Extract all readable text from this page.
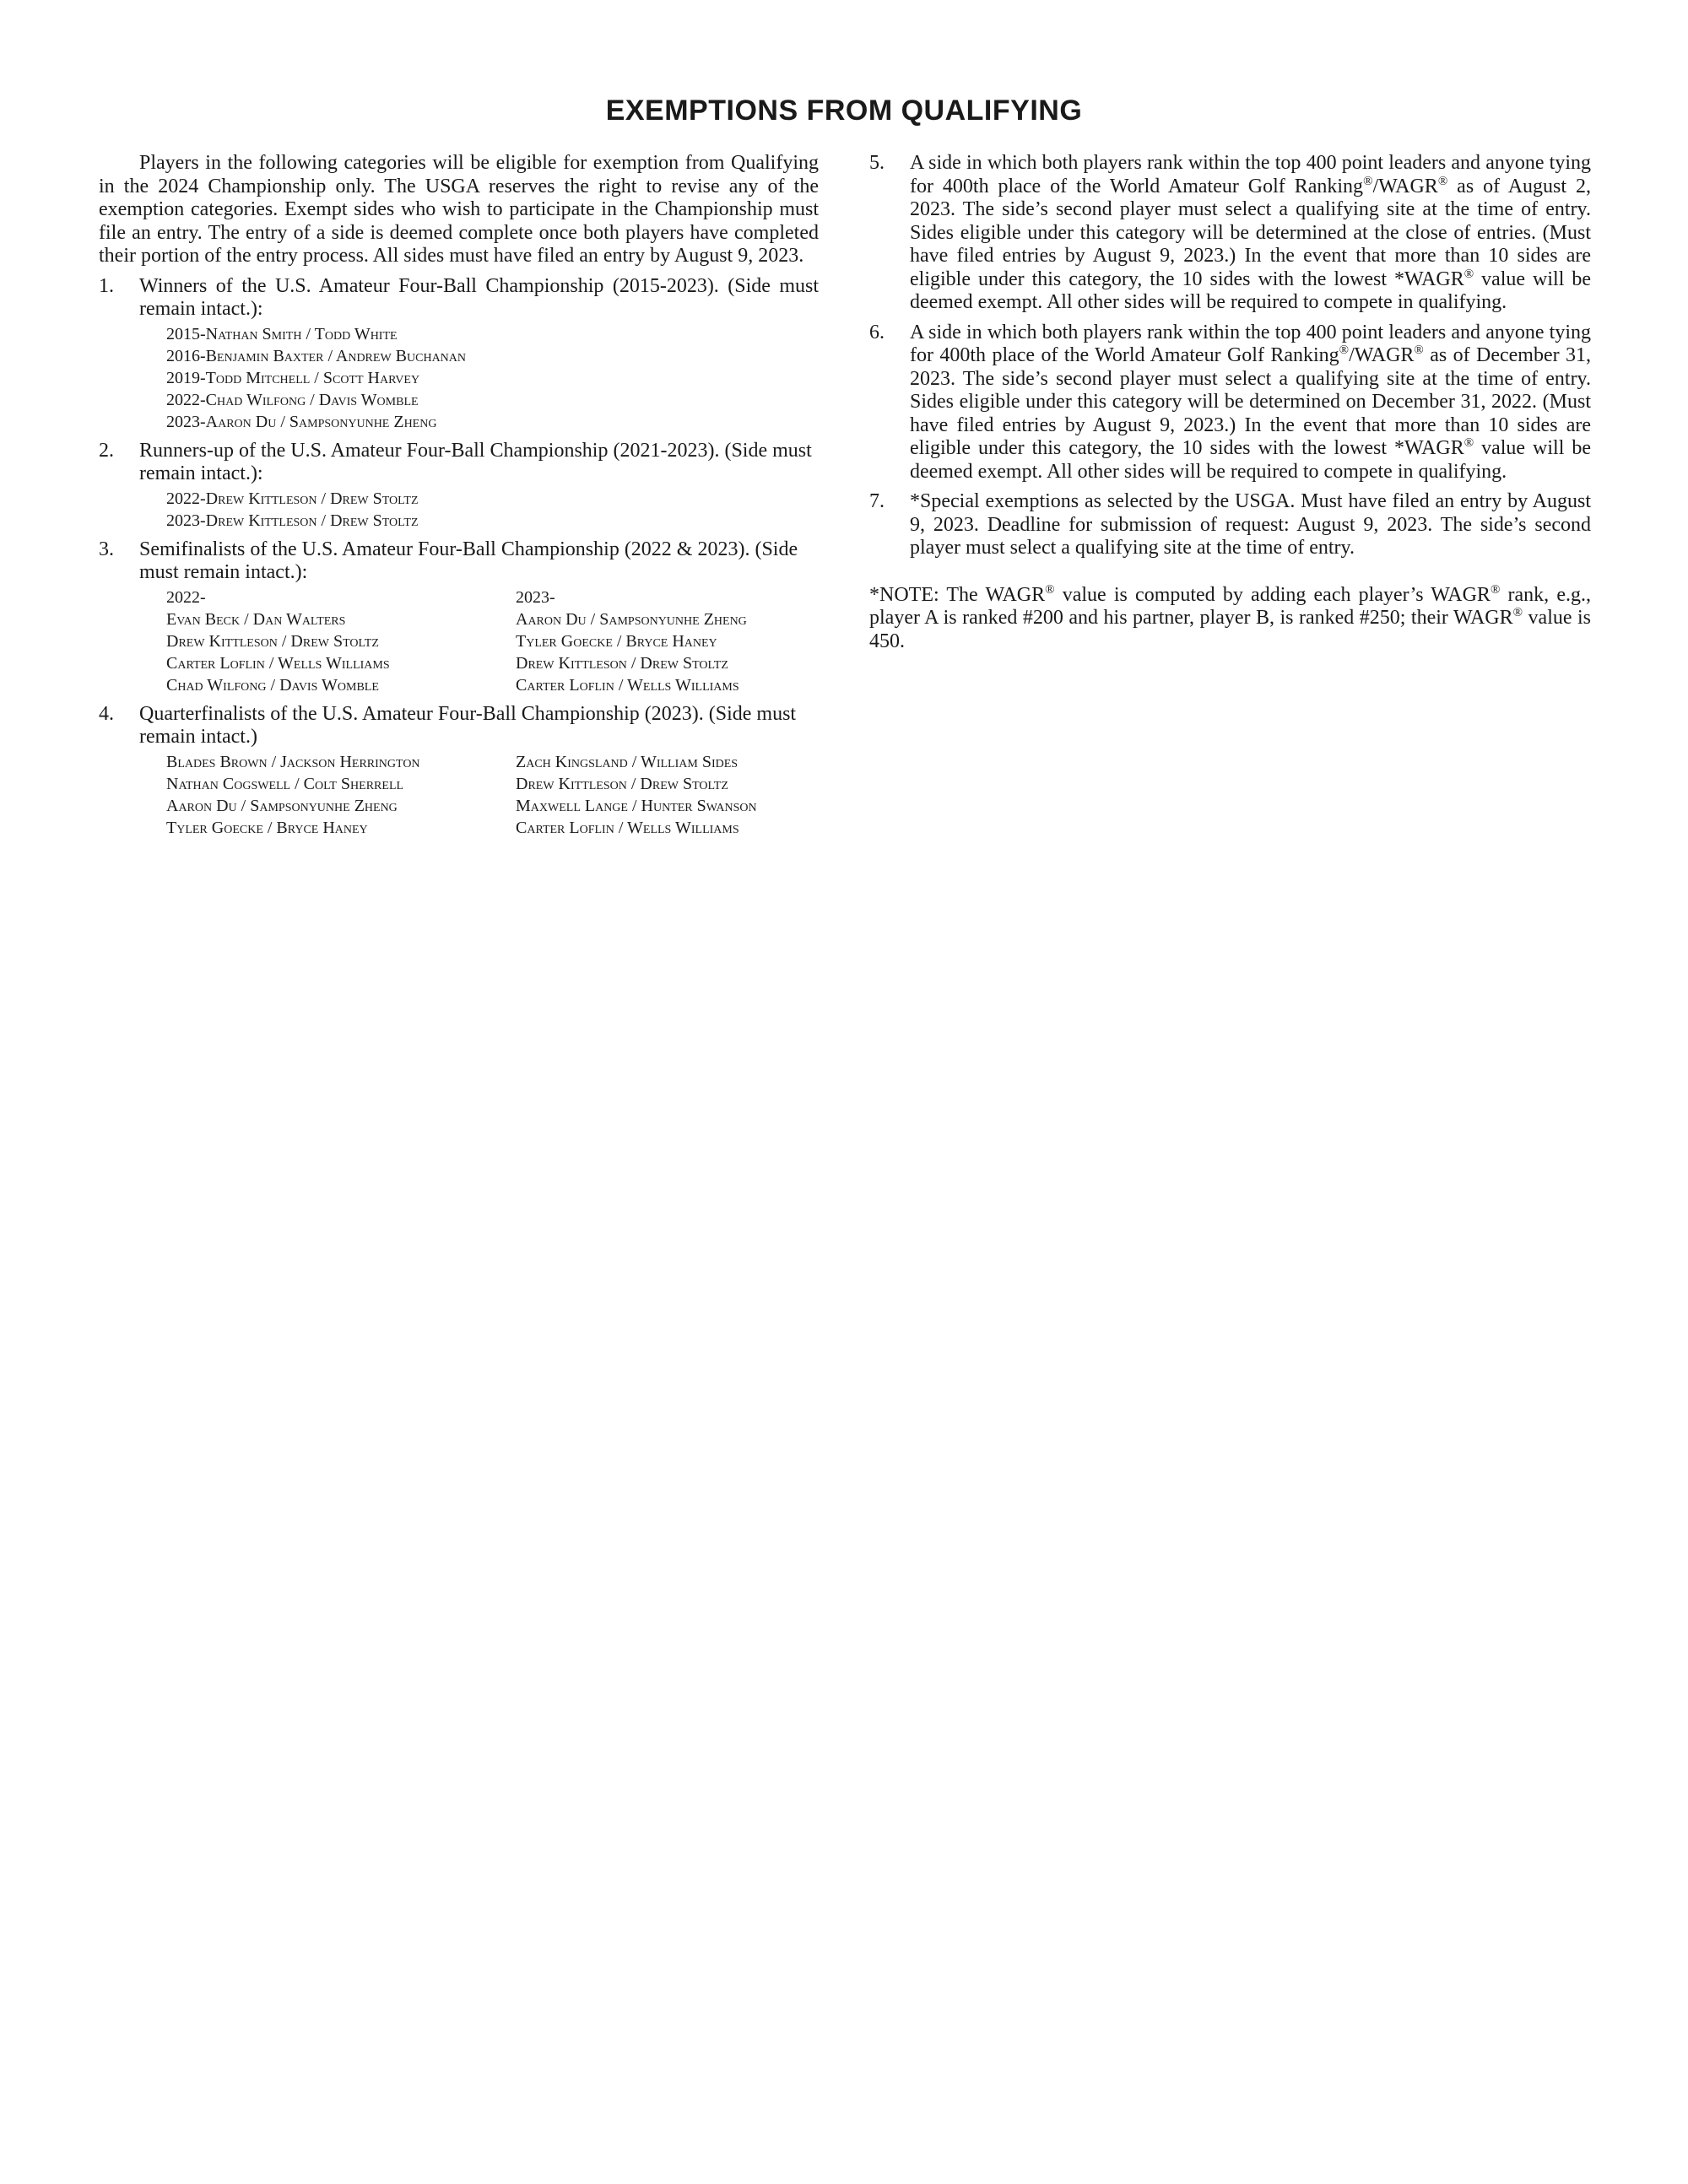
EXEMPTIONS FROM QUALIFYING

Players in the following categories will be eligible for exemption from Qualifying in the 2024 Championship only. The USGA reserves the right to revise any of the exemption categories. Exempt sides who wish to participate in the Championship must file an entry. The entry of a side is deemed complete once both players have completed their portion of the entry process. All sides must have filed an entry by August 9, 2023.

1. Winners of the U.S. Amateur Four-Ball Championship (2015-2023). (Side must remain intact.):

2015-Nathan Smith / Todd White
2016-Benjamin Baxter / Andrew Buchanan
2019-Todd Mitchell / Scott Harvey
2022-Chad Wilfong / Davis Womble
2023-Aaron Du / Sampsonyunhe Zheng
2. Runners-up of the U.S. Amateur Four-Ball Championship (2021-2023). (Side must remain intact.):

2022-Drew Kittleson / Drew Stoltz
2023-Drew Kittleson / Drew Stoltz
3. Semifinalists of the U.S. Amateur Four-Ball Championship (2022 & 2023). (Side must remain intact.):

2022-	2023-
Evan Beck / Dan Walters	Aaron Du / Sampsonyunhe Zheng
Drew Kittleson / Drew Stoltz	Tyler Goecke / Bryce Haney
Carter Loflin / Wells Williams	Drew Kittleson / Drew Stoltz
Chad Wilfong / Davis Womble	Carter Loflin / Wells Williams
4. Quarterfinalists of the U.S. Amateur Four-Ball Championship (2023). (Side must remain intact.)

Blades Brown / Jackson Herrington	Zach Kingsland / William Sides
Nathan Cogswell / Colt Sherrell	Drew Kittleson / Drew Stoltz
Aaron Du / Sampsonyunhe Zheng	Maxwell Lange / Hunter Swanson
Tyler Goecke / Bryce Haney	Carter Loflin / Wells Williams
5. A side in which both players rank within the top 400 point leaders and anyone tying for 400th place of the World Amateur Golf Ranking®/WAGR® as of August 2, 2023. The side’s second player must select a qualifying site at the time of entry. Sides eligible under this category will be determined at the close of entries. (Must have filed entries by August 9, 2023.) In the event that more than 10 sides are eligible under this category, the 10 sides with the lowest *WAGR® value will be deemed exempt. All other sides will be required to compete in qualifying.

6. A side in which both players rank within the top 400 point leaders and anyone tying for 400th place of the World Amateur Golf Ranking®/WAGR® as of December 31, 2023. The side’s second player must select a qualifying site at the time of entry. Sides eligible under this category will be determined on December 31, 2022. (Must have filed entries by August 9, 2023.) In the event that more than 10 sides are eligible under this category, the 10 sides with the lowest *WAGR® value will be deemed exempt. All other sides will be required to compete in qualifying.

7. *Special exemptions as selected by the USGA. Must have filed an entry by August 9, 2023. Deadline for submission of request: August 9, 2023. The side’s second player must select a qualifying site at the time of entry.

*NOTE: The WAGR® value is computed by adding each player’s WAGR® rank, e.g., player A is ranked #200 and his partner, player B, is ranked #250; their WAGR® value is 450.
